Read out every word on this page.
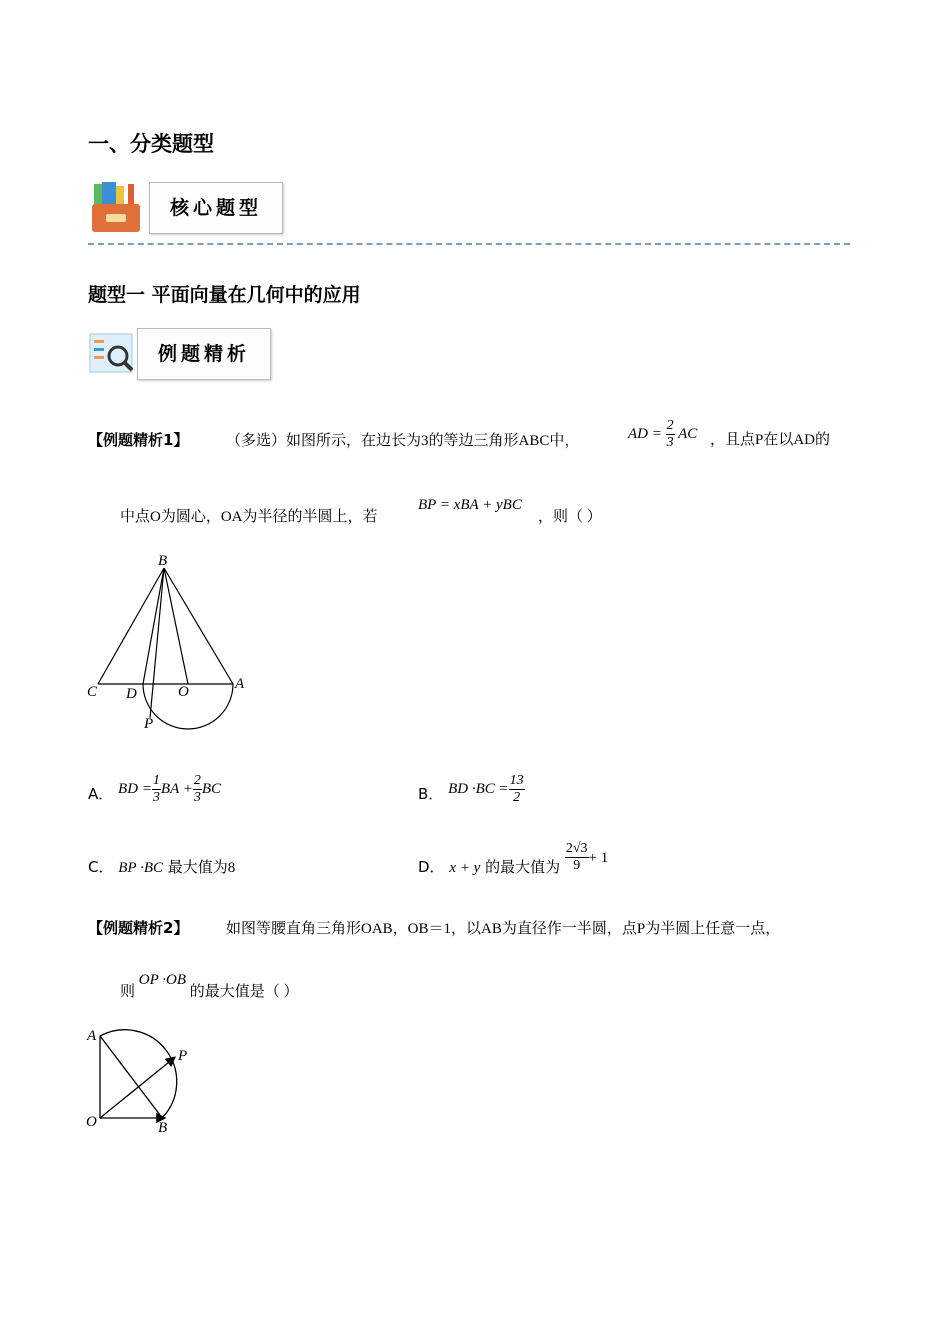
一、分类题型
核心题型
题型一 平面向量在几何中的应用
例题精析
【例题精析1】	（多选）如图所示，在边长为3的等边三角形ABC中，	AD = $\frac{2}{3}$ AC ，且点P在以AD的
中点O为圆心，OA为半径的半圆上，若
BP = xBA + yBC
，则（ ）
B
C D	O	A
P
A． BD = $\frac{1}{3}$ BA + $\frac{2}{3}$ BC	B． BD $\cdot BC = \frac{13}{2}$
C． BP ·BC 最大值为8	D． x + y 的最大值为 $\frac{2√3}{9} + 1$
【例题精析2】	如图等腰直角三角形OAB，OB＝1，以AB为直径作一半圆，点P为半圆上任意一点，
则 OP ·OB 的最大值是（ ）
A
P
O	B
